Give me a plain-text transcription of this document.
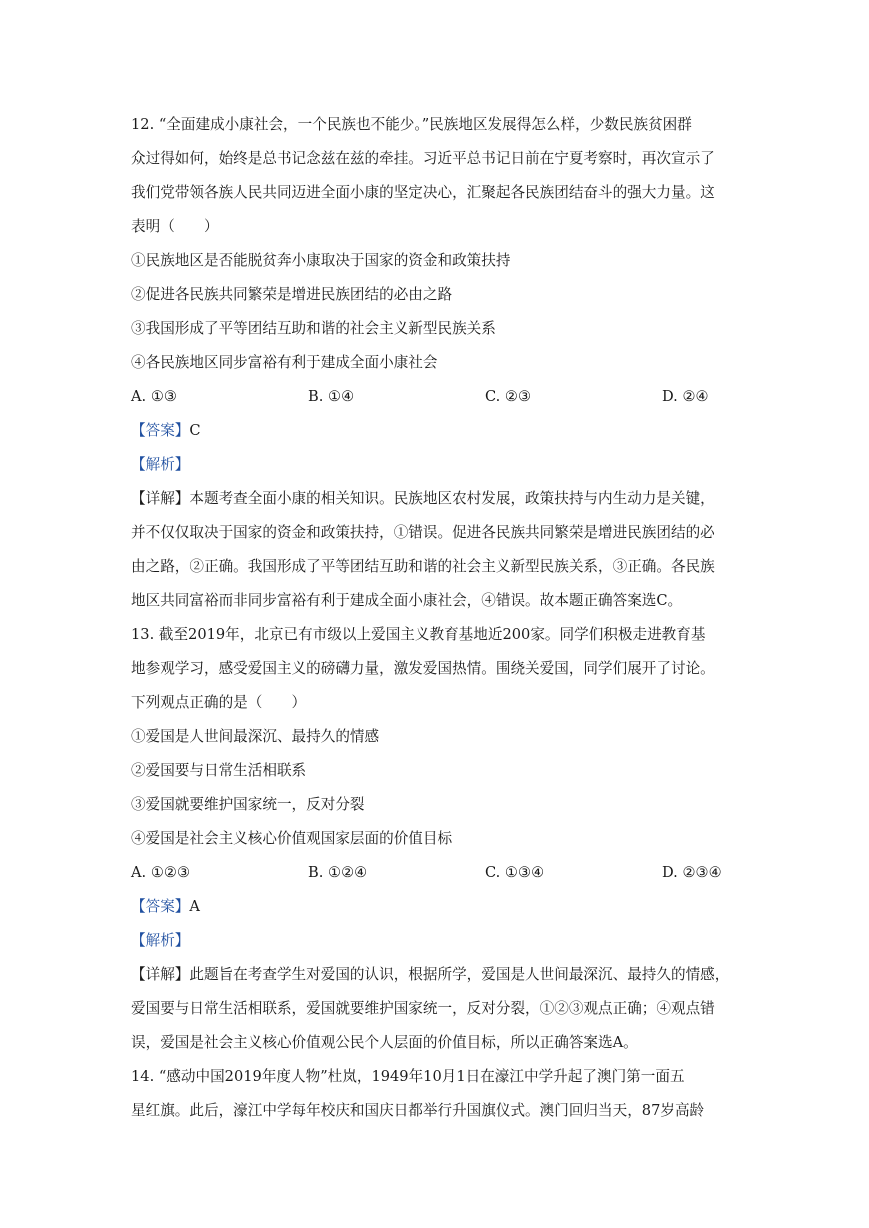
12. “全面建成小康社会，一个民族也不能少。”民族地区发展得怎么样，少数民族贫困群
众过得如何，始终是总书记念兹在兹的牵挂。习近平总书记日前在宁夏考察时，再次宣示了
我们党带领各族人民共同迈进全面小康的坚定决心，汇聚起各民族团结奋斗的强大力量。这
表明（　　）
①民族地区是否能脱贫奔小康取决于国家的资金和政策扶持
②促进各民族共同繁荣是增进民族团结的必由之路
③我国形成了平等团结互助和谐的社会主义新型民族关系
④各民族地区同步富裕有利于建成全面小康社会
A. ①③	B. ①④	C. ②③	D. ②④
【答案】C
【解析】
【详解】本题考查全面小康的相关知识。民族地区农村发展，政策扶持与内生动力是关键，
并不仅仅取决于国家的资金和政策扶持，①错误。促进各民族共同繁荣是增进民族团结的必
由之路，②正确。我国形成了平等团结互助和谐的社会主义新型民族关系，③正确。各民族
地区共同富裕而非同步富裕有利于建成全面小康社会，④错误。故本题正确答案选C。
13. 截至2019年，北京已有市级以上爱国主义教育基地近200家。同学们积极走进教育基
地参观学习，感受爱国主义的磅礴力量，激发爱国热情。围绕关爱国，同学们展开了讨论。
下列观点正确的是（　　）
①爱国是人世间最深沉、最持久的情感
②爱国要与日常生活相联系
③爱国就要维护国家统一，反对分裂
④爱国是社会主义核心价值观国家层面的价值目标
A. ①②③	B. ①②④	C. ①③④	D. ②③④
【答案】A
【解析】
【详解】此题旨在考查学生对爱国的认识，根据所学，爱国是人世间最深沉、最持久的情感，
爱国要与日常生活相联系，爱国就要维护国家统一，反对分裂，①②③观点正确；④观点错
误，爱国是社会主义核心价值观公民个人层面的价值目标，所以正确答案选A。
14. “感动中国2019年度人物”杜岚，1949年10月1日在濠江中学升起了澳门第一面五
星红旗。此后，濠江中学每年校庆和国庆日都举行升国旗仪式。澳门回归当天，87岁高龄
